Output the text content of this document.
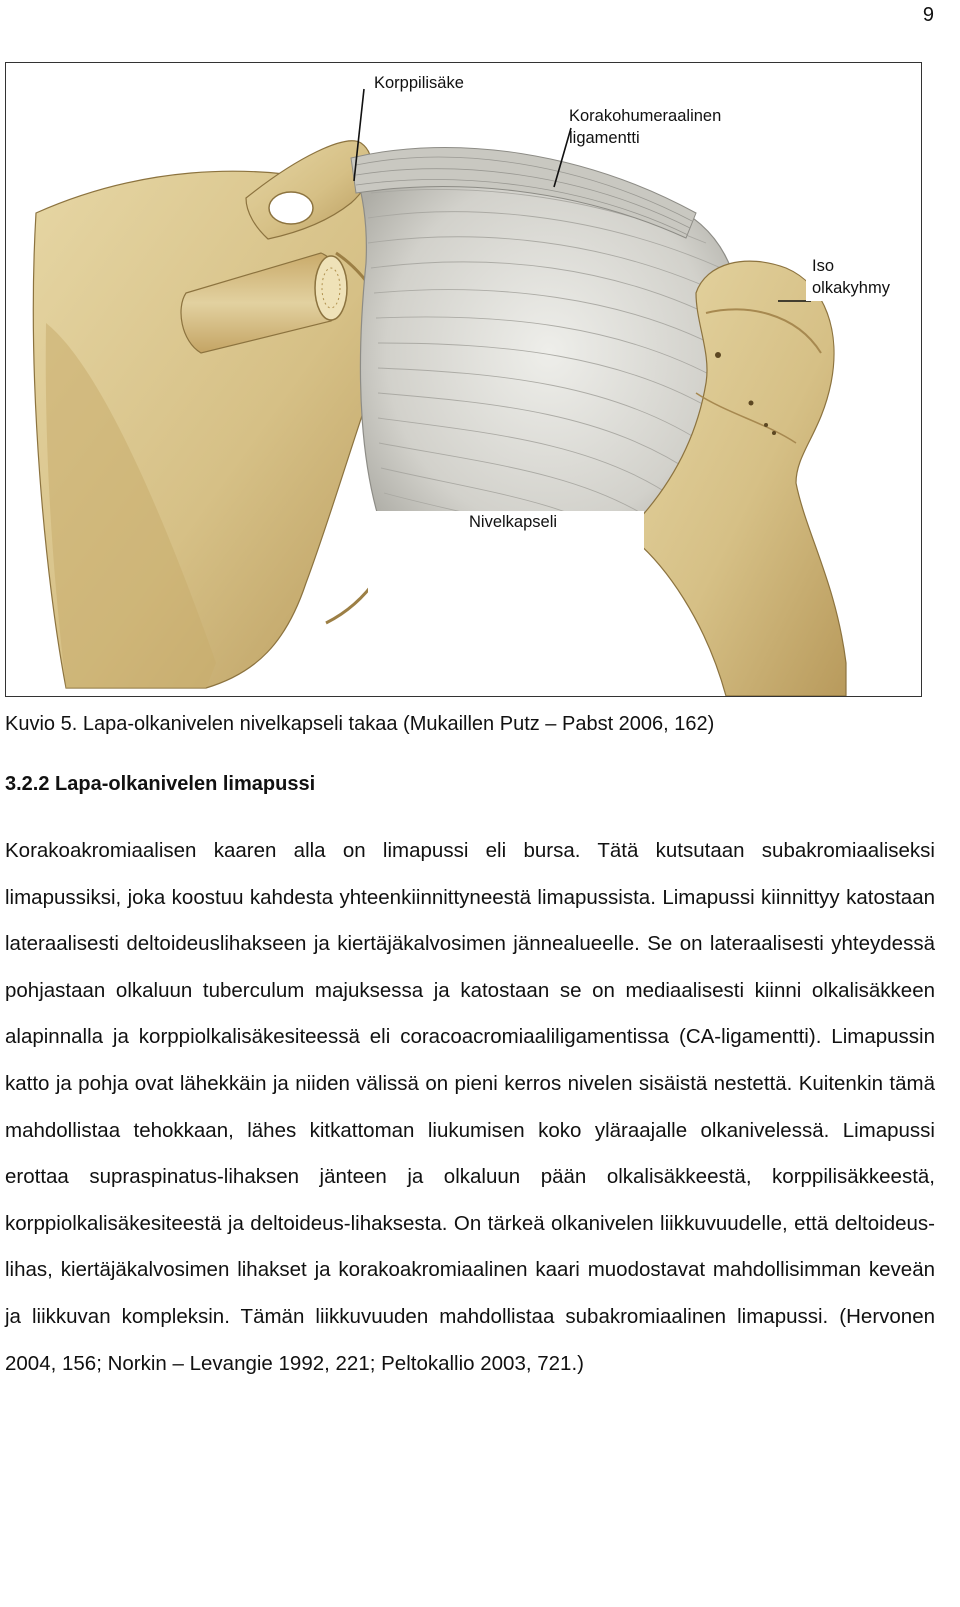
9
Korppilisäke
Korakohumeraalinen
ligamentti
Iso
olkakyhmy
Nivelkapseli
Kuvio 5. Lapa-olkanivelen nivelkapseli takaa (Mukaillen Putz – Pabst 2006, 162)
3.2.2 Lapa-olkanivelen limapussi
Korakoakromiaalisen kaaren alla on limapussi eli bursa. Tätä kutsutaan subakromiaaliseksi limapussiksi, joka koostuu kahdesta yhteenkiinnittyneestä limapussista. Limapussi kiinnittyy katostaan lateraalisesti deltoideuslihakseen ja kiertäjäkalvosimen jännealueelle. Se on lateraalisesti yhteydessä pohjastaan olkaluun tuberculum majuksessa ja katostaan se on mediaalisesti kiinni olkalisäkkeen alapinnalla ja korppiolkalisäkesiteessä eli coracoacromiaaliligamentissa (CA-ligamentti). Limapussin katto ja pohja ovat lähekkäin ja niiden välissä on pieni kerros nivelen sisäistä nestettä. Kuitenkin tämä mahdollistaa tehokkaan, lähes kitkattoman liukumisen koko yläraajalle olkanivelessä. Limapussi erottaa supraspinatus-lihaksen jänteen ja olkaluun pään olkalisäkkeestä, korppilisäkkeestä, korppiolkalisäkesiteestä ja deltoideus-lihaksesta. On tärkeä olkanivelen liikkuvuudelle, että deltoideus-lihas, kiertäjäkalvosimen lihakset ja korakoakromiaalinen kaari muodostavat mahdollisimman keveän ja liikkuvan kompleksin. Tämän liikkuvuuden mahdollistaa subakromiaalinen limapussi. (Hervonen 2004, 156; Norkin – Levangie 1992, 221; Peltokallio 2003, 721.)
